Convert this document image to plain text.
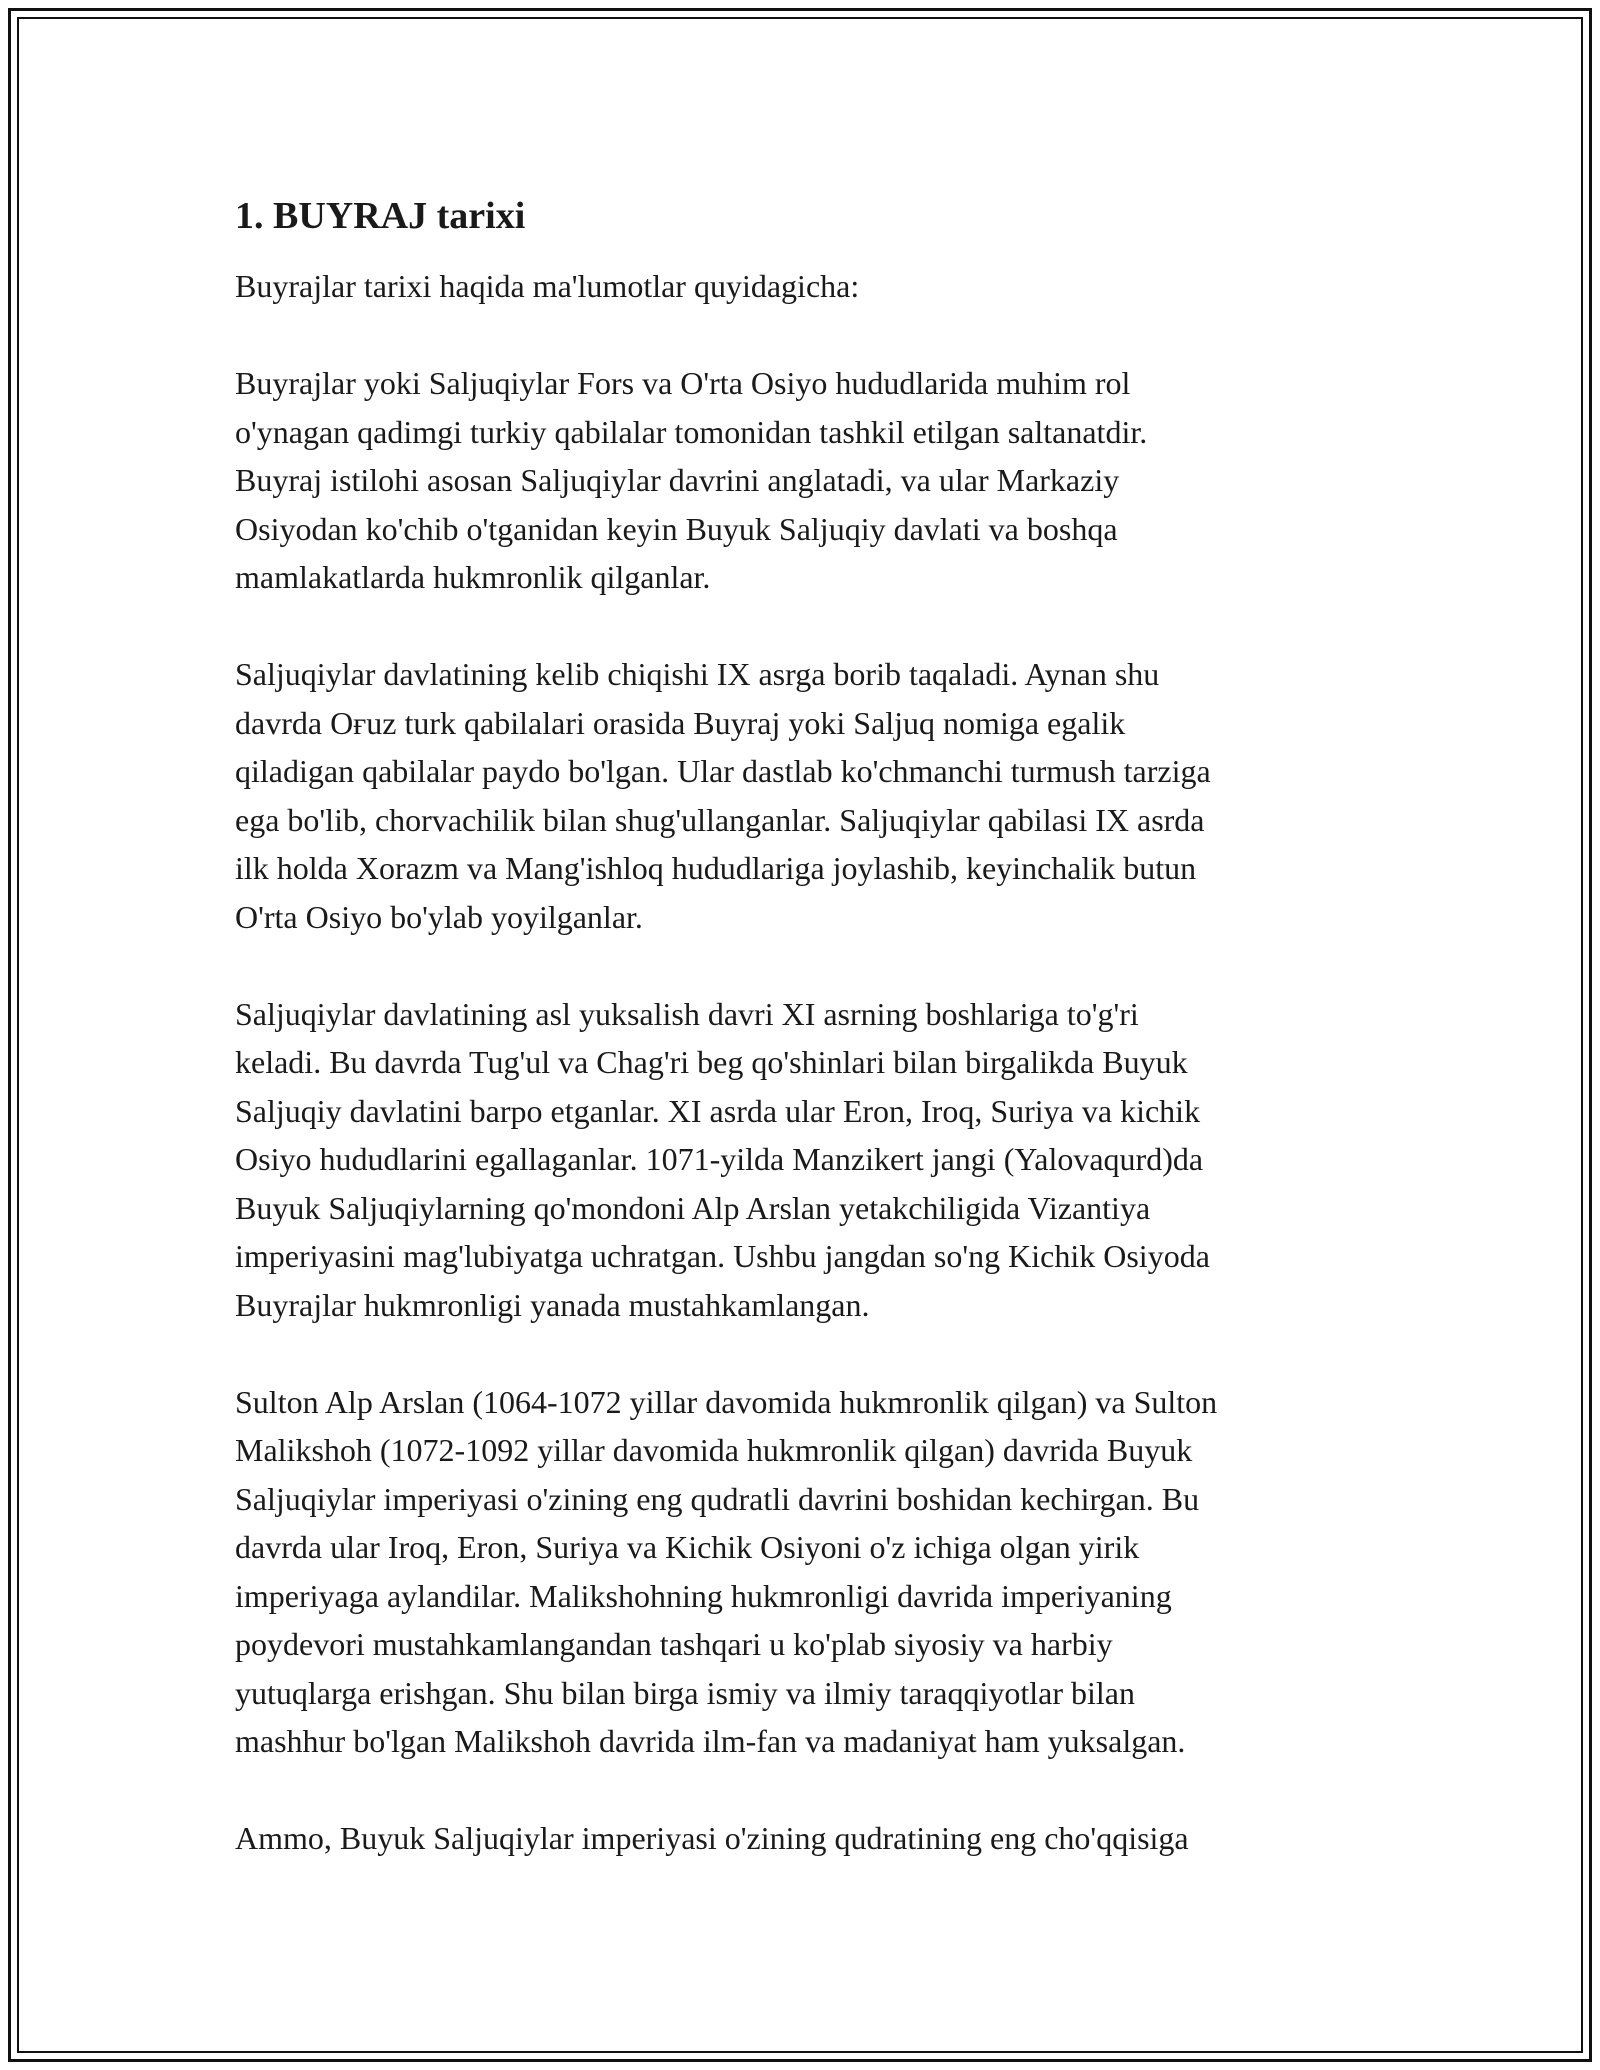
1. BUYRAJ tarixi

Buyrajlar tarixi haqida ma'lumotlar quyidagicha:

Buyrajlar yoki Saljuqiylar Fors va O'rta Osiyo hududlarida muhim rol
o'ynagan qadimgi turkiy qabilalar tomonidan tashkil etilgan saltanatdir.
Buyraj istilohi asosan Saljuqiylar davrini anglatadi, va ular Markaziy
Osiyodan ko'chib o'tganidan keyin Buyuk Saljuqiy davlati va boshqa
mamlakatlarda hukmronlik qilganlar.

Saljuqiylar davlatining kelib chiqishi IX asrga borib taqaladi. Aynan shu
davrda Oғuz turk qabilalari orasida Buyraj yoki Saljuq nomiga egalik
qiladigan qabilalar paydo bo'lgan. Ular dastlab ko'chmanchi turmush tarziga
ega bo'lib, chorvachilik bilan shug'ullanganlar. Saljuqiylar qabilasi IX asrda
ilk holda Xorazm va Mang'ishloq hududlariga joylashib, keyinchalik butun
O'rta Osiyo bo'ylab yoyilganlar.

Saljuqiylar davlatining asl yuksalish davri XI asrning boshlariga to'g'ri
keladi. Bu davrda Tug'ul va Chag'ri beg qo'shinlari bilan birgalikda Buyuk
Saljuqiy davlatini barpo etganlar. XI asrda ular Eron, Iroq, Suriya va kichik
Osiyo hududlarini egallaganlar. 1071-yilda Manzikert jangi (Yalovaqurd)da
Buyuk Saljuqiylarning qo'mondoni Alp Arslan yetakchiligida Vizantiya
imperiyasini mag'lubiyatga uchratgan. Ushbu jangdan so'ng Kichik Osiyoda
Buyrajlar hukmronligi yanada mustahkamlangan.

Sulton Alp Arslan (1064-1072 yillar davomida hukmronlik qilgan) va Sulton
Malikshoh (1072-1092 yillar davomida hukmronlik qilgan) davrida Buyuk
Saljuqiylar imperiyasi o'zining eng qudratli davrini boshidan kechirgan. Bu
davrda ular Iroq, Eron, Suriya va Kichik Osiyoni o'z ichiga olgan yirik
imperiyaga aylandilar. Malikshohning hukmronligi davrida imperiyaning
poydevori mustahkamlangandan tashqari u ko'plab siyosiy va harbiy
yutuqlarga erishgan. Shu bilan birga ismiy va ilmiy taraqqiyotlar bilan
mashhur bo'lgan Malikshoh davrida ilm-fan va madaniyat ham yuksalgan.

Ammo, Buyuk Saljuqiylar imperiyasi o'zining qudratining eng cho'qqisiga
